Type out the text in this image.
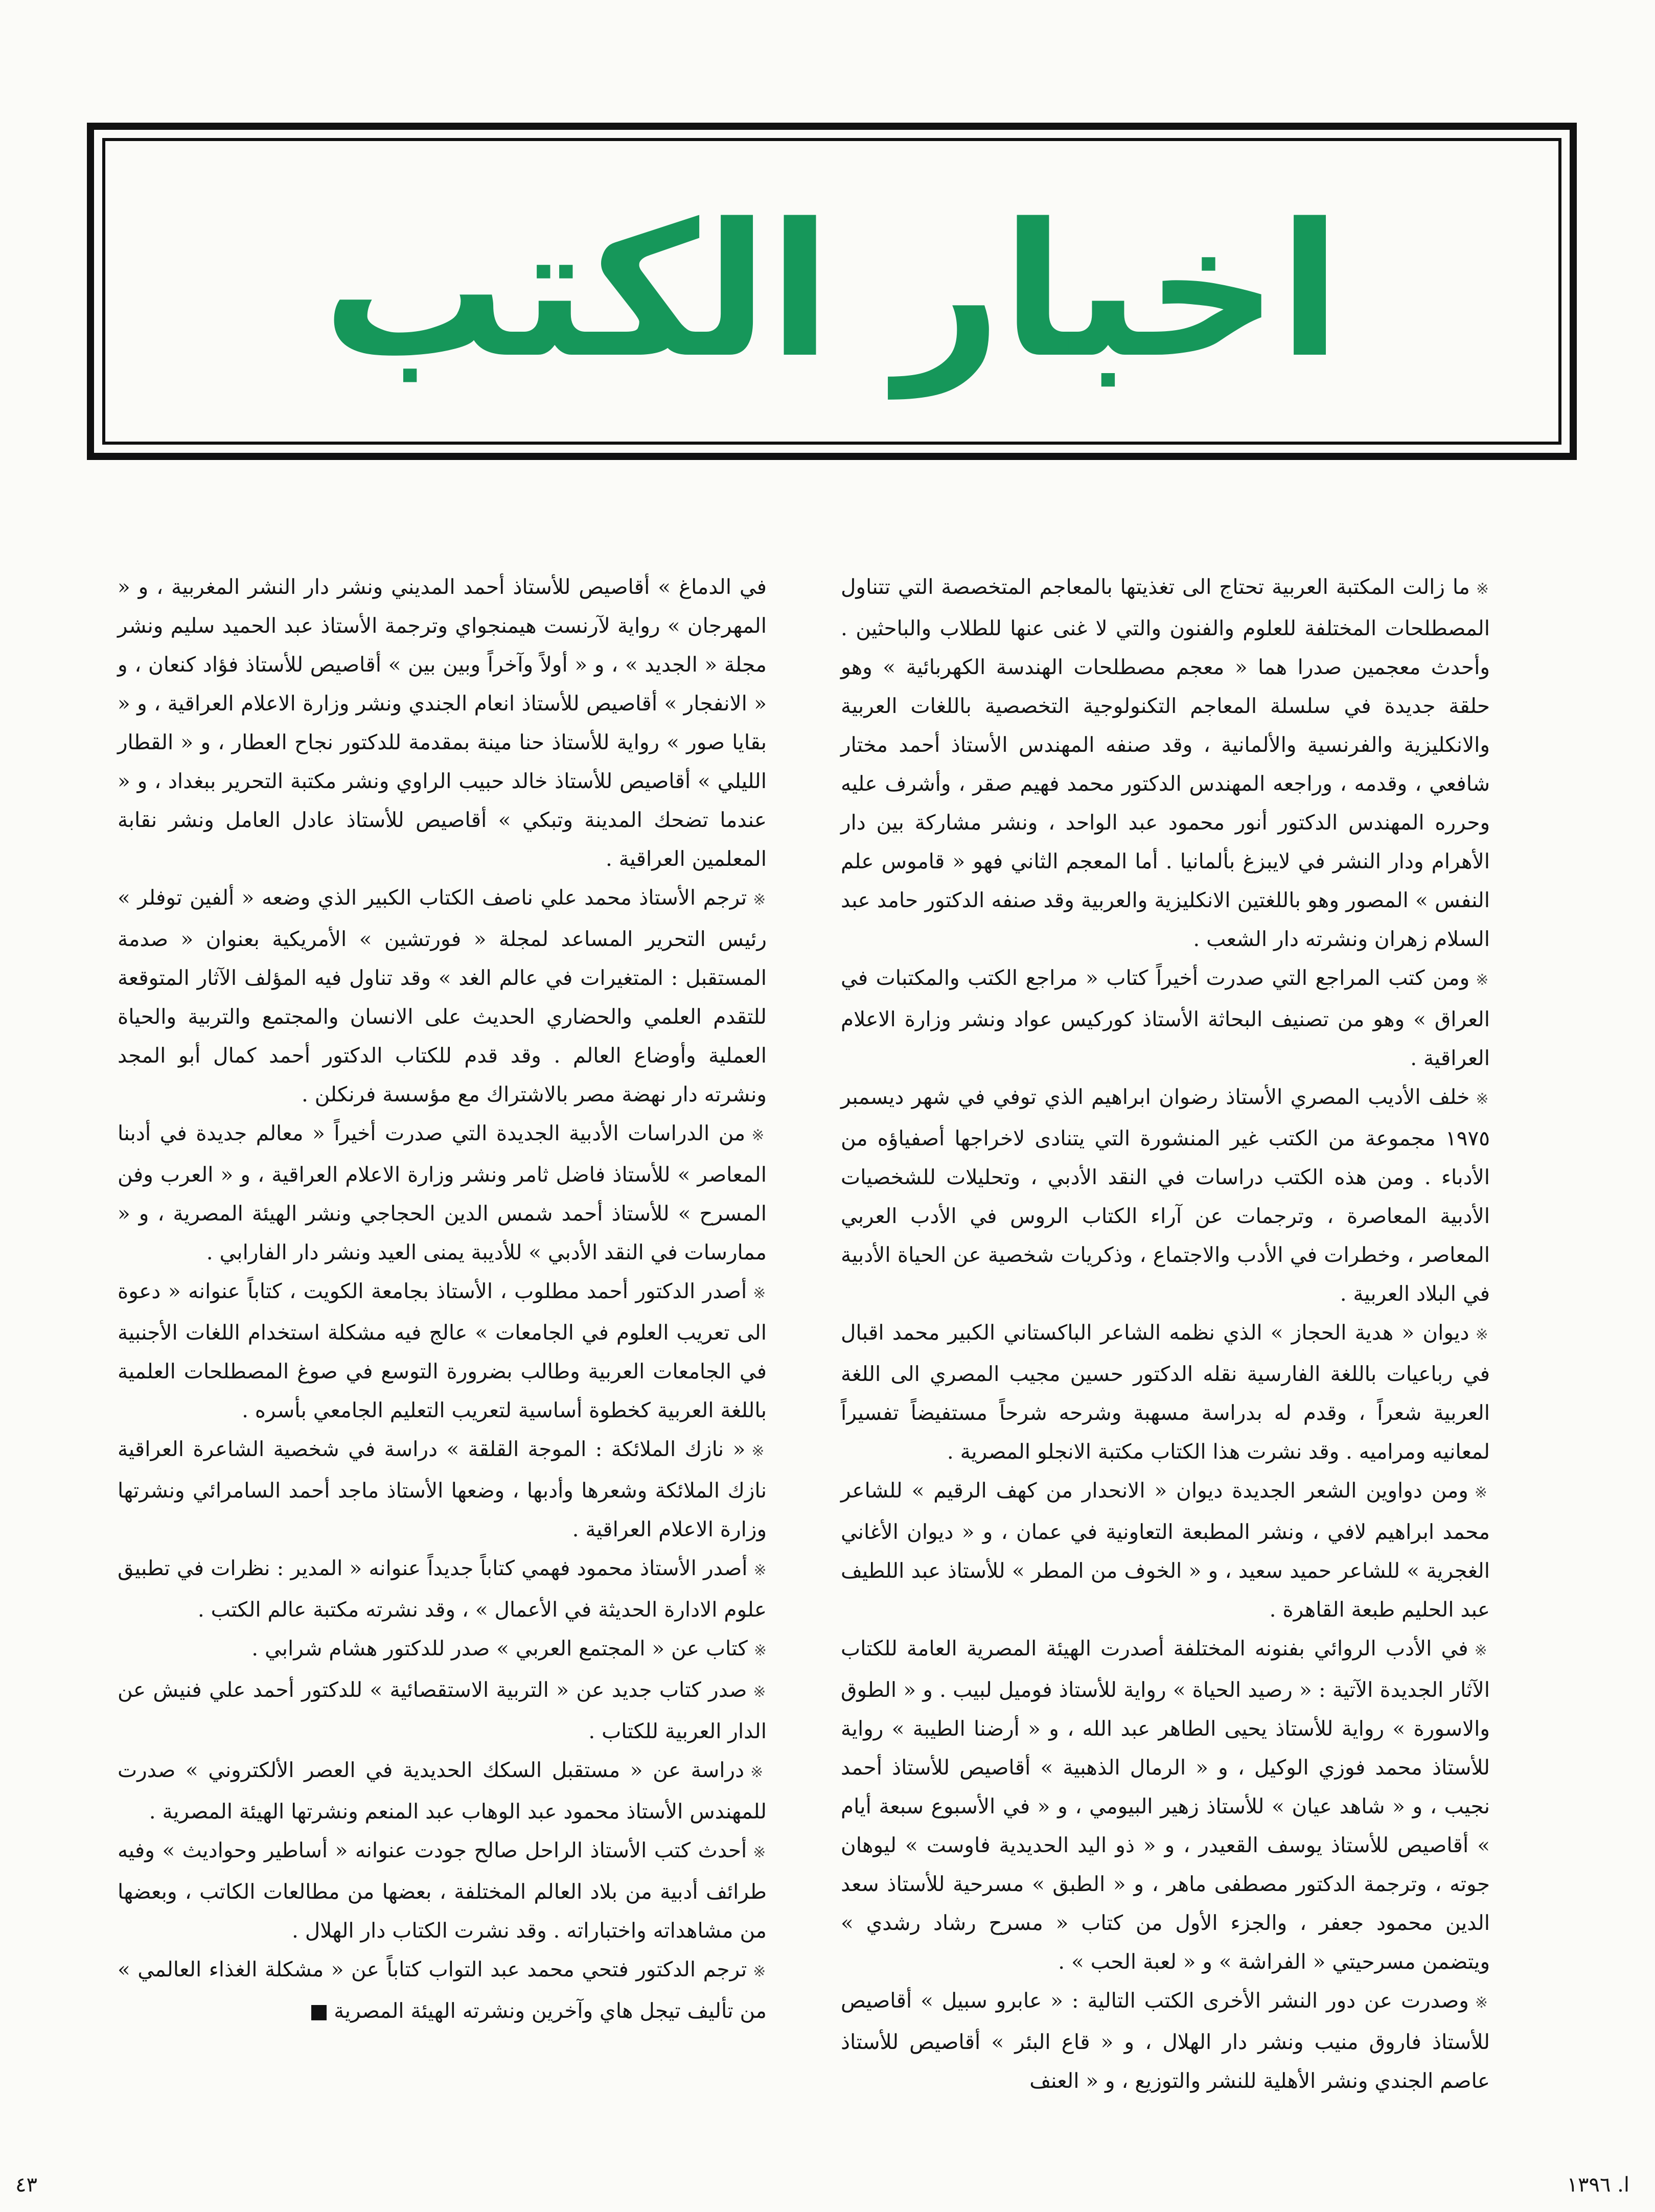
اخبار الكتب

※ما زالت المكتبة العربية تحتاج الى تغذيتها بالمعاجم المتخصصة التي تتناول المصطلحات المختلفة للعلوم والفنون والتي لا غنى عنها للطلاب والباحثين . وأحدث معجمين صدرا هما « معجم مصطلحات الهندسة الكهربائية » وهو حلقة جديدة في سلسلة المعاجم التكنولوجية التخصصية باللغات العربية والانكليزية والفرنسية والألمانية ، وقد صنفه المهندس الأستاذ أحمد مختار شافعي ، وقدمه ، وراجعه المهندس الدكتور محمد فهيم صقر ، وأشرف عليه وحرره المهندس الدكتور أنور محمود عبد الواحد ، ونشر مشاركة بين دار الأهرام ودار النشر في لايبزغ بألمانيا . أما المعجم الثاني فهو « قاموس علم النفس » المصور وهو باللغتين الانكليزية والعربية وقد صنفه الدكتور حامد عبد السلام زهران ونشرته دار الشعب .

※ومن كتب المراجع التي صدرت أخيراً كتاب « مراجع الكتب والمكتبات في العراق » وهو من تصنيف البحاثة الأستاذ كوركيس عواد ونشر وزارة الاعلام العراقية .

※خلف الأديب المصري الأستاذ رضوان ابراهيم الذي توفي في شهر ديسمبر ١٩٧٥ مجموعة من الكتب غير المنشورة التي يتنادى لاخراجها أصفياؤه من الأدباء . ومن هذه الكتب دراسات في النقد الأدبي ، وتحليلات للشخصيات الأدبية المعاصرة ، وترجمات عن آراء الكتاب الروس في الأدب العربي المعاصر ، وخطرات في الأدب والاجتماع ، وذكريات شخصية عن الحياة الأدبية في البلاد العربية .

※ديوان « هدية الحجاز » الذي نظمه الشاعر الباكستاني الكبير محمد اقبال في رباعيات باللغة الفارسية نقله الدكتور حسين مجيب المصري الى اللغة العربية شعراً ، وقدم له بدراسة مسهبة وشرحه شرحاً مستفيضاً تفسيراً لمعانيه ومراميه . وقد نشرت هذا الكتاب مكتبة الانجلو المصرية .

※ومن دواوين الشعر الجديدة ديوان « الانحدار من كهف الرقيم » للشاعر محمد ابراهيم لافي ، ونشر المطبعة التعاونية في عمان ، و « ديوان الأغاني الغجرية » للشاعر حميد سعيد ، و « الخوف من المطر » للأستاذ عبد اللطيف عبد الحليم طبعة القاهرة .

※في الأدب الروائي بفنونه المختلفة أصدرت الهيئة المصرية العامة للكتاب الآثار الجديدة الآتية : « رصيد الحياة » رواية للأستاذ فوميل لبيب . و « الطوق والاسورة » رواية للأستاذ يحيى الطاهر عبد الله ، و « أرضنا الطيبة » رواية للأستاذ محمد فوزي الوكيل ، و « الرمال الذهبية » أقاصيص للأستاذ أحمد نجيب ، و « شاهد عيان » للأستاذ زهير البيومي ، و « في الأسبوع سبعة أيام » أقاصيص للأستاذ يوسف القعيدر ، و « ذو اليد الحديدية فاوست » ليوهان جوته ، وترجمة الدكتور مصطفى ماهر ، و « الطبق » مسرحية للأستاذ سعد الدين محمود جعفر ، والجزء الأول من كتاب « مسرح رشاد رشدي » ويتضمن مسرحيتي « الفراشة » و « لعبة الحب » .

※وصدرت عن دور النشر الأخرى الكتب التالية : « عابرو سبيل » أقاصيص للأستاذ فاروق منيب ونشر دار الهلال ، و « قاع البئر » أقاصيص للأستاذ عاصم الجندي ونشر الأهلية للنشر والتوزيع ، و « العنف

في الدماغ » أقاصيص للأستاذ أحمد المديني ونشر دار النشر المغربية ، و « المهرجان » رواية لآرنست هيمنجواي وترجمة الأستاذ عبد الحميد سليم ونشر مجلة « الجديد » ، و « أولاً وآخراً وبين بين » أقاصيص للأستاذ فؤاد كنعان ، و « الانفجار » أقاصيص للأستاذ انعام الجندي ونشر وزارة الاعلام العراقية ، و « بقايا صور » رواية للأستاذ حنا مينة بمقدمة للدكتور نجاح العطار ، و « القطار الليلي » أقاصيص للأستاذ خالد حبيب الراوي ونشر مكتبة التحرير ببغداد ، و « عندما تضحك المدينة وتبكي » أقاصيص للأستاذ عادل العامل ونشر نقابة المعلمين العراقية .

※ترجم الأستاذ محمد علي ناصف الكتاب الكبير الذي وضعه « ألفين توفلر » رئيس التحرير المساعد لمجلة « فورتشين » الأمريكية بعنوان « صدمة المستقبل : المتغيرات في عالم الغد » وقد تناول فيه المؤلف الآثار المتوقعة للتقدم العلمي والحضاري الحديث على الانسان والمجتمع والتربية والحياة العملية وأوضاع العالم . وقد قدم للكتاب الدكتور أحمد كمال أبو المجد ونشرته دار نهضة مصر بالاشتراك مع مؤسسة فرنكلن .

※من الدراسات الأدبية الجديدة التي صدرت أخيراً « معالم جديدة في أدبنا المعاصر » للأستاذ فاضل ثامر ونشر وزارة الاعلام العراقية ، و « العرب وفن المسرح » للأستاذ أحمد شمس الدين الحجاجي ونشر الهيئة المصرية ، و « ممارسات في النقد الأدبي » للأديبة يمنى العيد ونشر دار الفارابي .

※أصدر الدكتور أحمد مطلوب ، الأستاذ بجامعة الكويت ، كتاباً عنوانه « دعوة الى تعريب العلوم في الجامعات » عالج فيه مشكلة استخدام اللغات الأجنبية في الجامعات العربية وطالب بضرورة التوسع في صوغ المصطلحات العلمية باللغة العربية كخطوة أساسية لتعريب التعليم الجامعي بأسره .

※« نازك الملائكة : الموجة القلقة » دراسة في شخصية الشاعرة العراقية نازك الملائكة وشعرها وأدبها ، وضعها الأستاذ ماجد أحمد السامرائي ونشرتها وزارة الاعلام العراقية .

※أصدر الأستاذ محمود فهمي كتاباً جديداً عنوانه « المدير : نظرات في تطبيق علوم الادارة الحديثة في الأعمال » ، وقد نشرته مكتبة عالم الكتب .

※كتاب عن « المجتمع العربي » صدر للدكتور هشام شرابي .

※صدر كتاب جديد عن « التربية الاستقصائية » للدكتور أحمد علي فنيش عن الدار العربية للكتاب .

※دراسة عن « مستقبل السكك الحديدية في العصر الألكتروني » صدرت للمهندس الأستاذ محمود عبد الوهاب عبد المنعم ونشرتها الهيئة المصرية .

※أحدث كتب الأستاذ الراحل صالح جودت عنوانه « أساطير وحواديث » وفيه طرائف أدبية من بلاد العالم المختلفة ، بعضها من مطالعات الكاتب ، وبعضها من مشاهداته واختباراته . وقد نشرت الكتاب دار الهلال .

※ترجم الدكتور فتحي محمد عبد التواب كتاباً عن « مشكلة الغذاء العالمي » من تأليف تيجل هاي وآخرين ونشرته الهيئة المصرية

ا. ١٣٩٦
٤٣
